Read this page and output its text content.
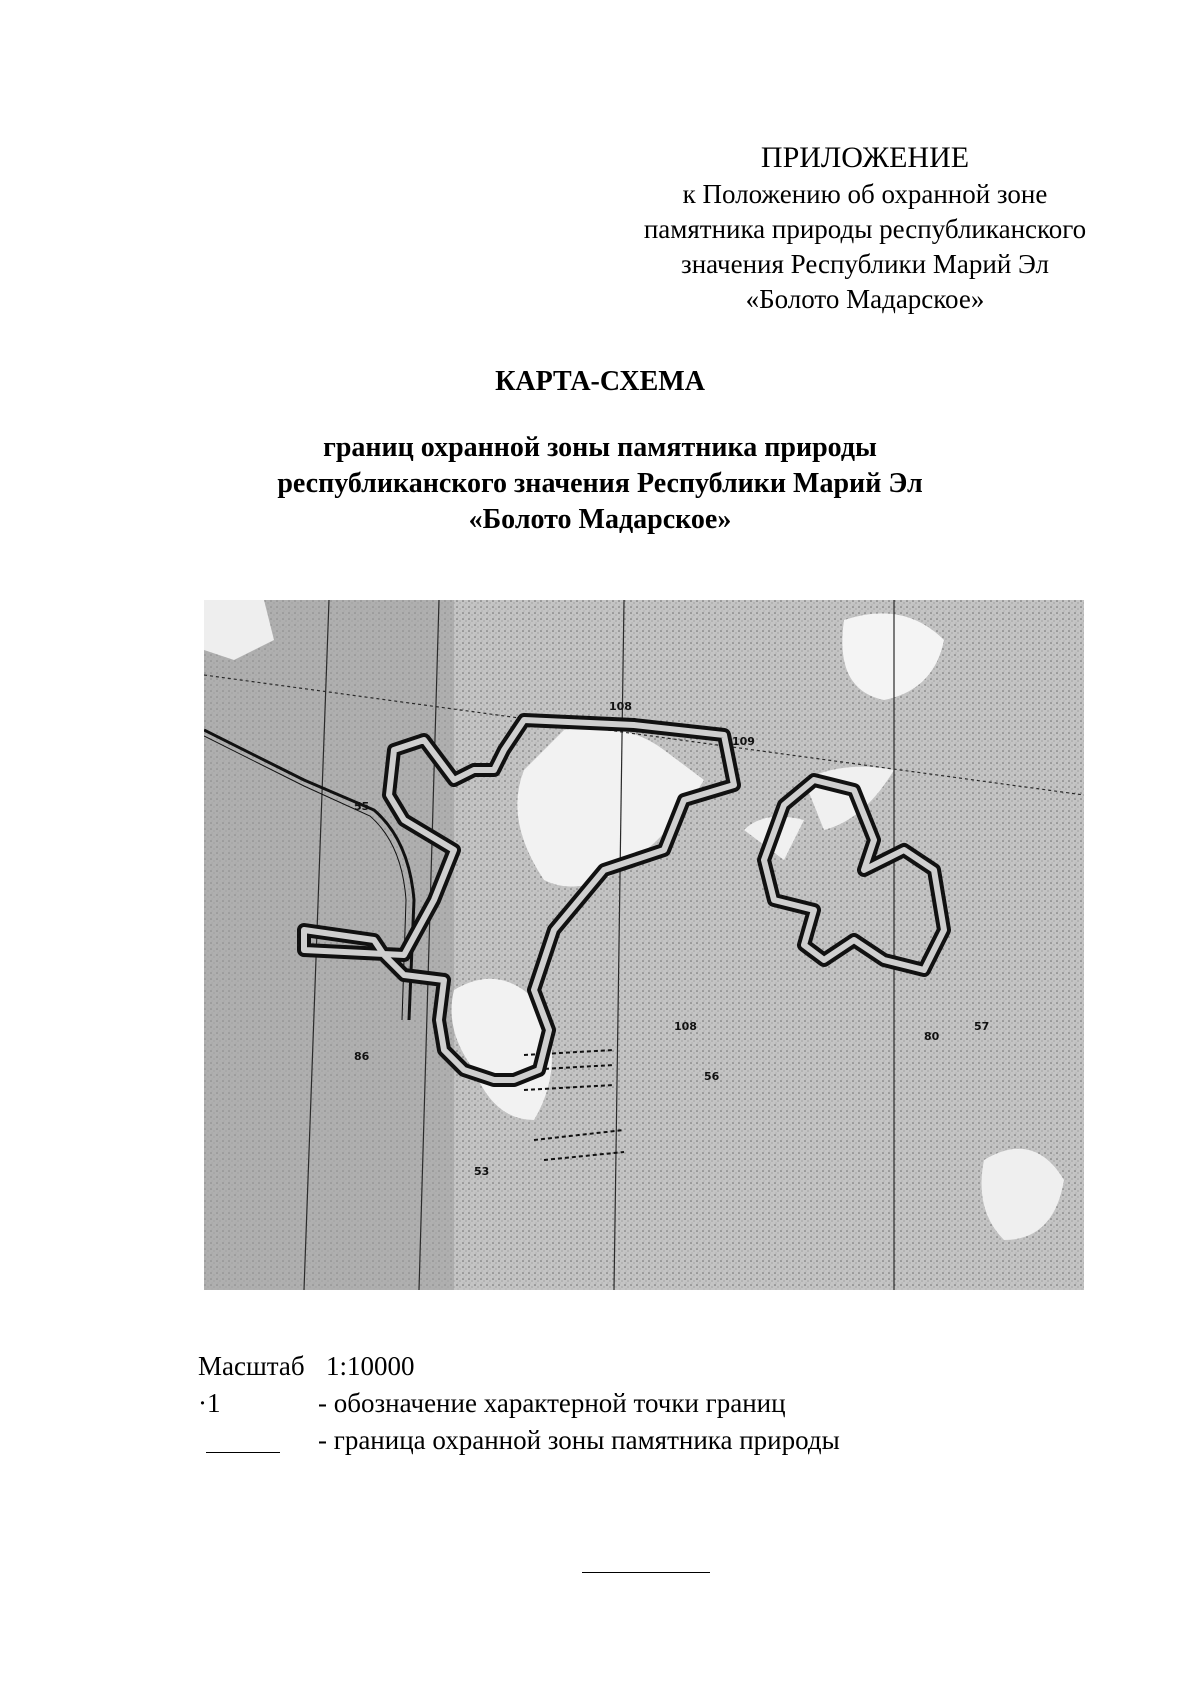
ПРИЛОЖЕНИЕ
к Положению об охранной зоне
памятника природы республиканского
значения Республики Марий Эл
«Болото Мадарское»
КАРТА-СХЕМА
границ охранной зоны памятника природы
республиканского значения Республики Марий Эл
«Болото Мадарское»
108
109
108
56
57
80
53
55
86
Масштаб 1:10000
·1	- обозначение характерной точки границ
- граница охранной зоны памятника природы
